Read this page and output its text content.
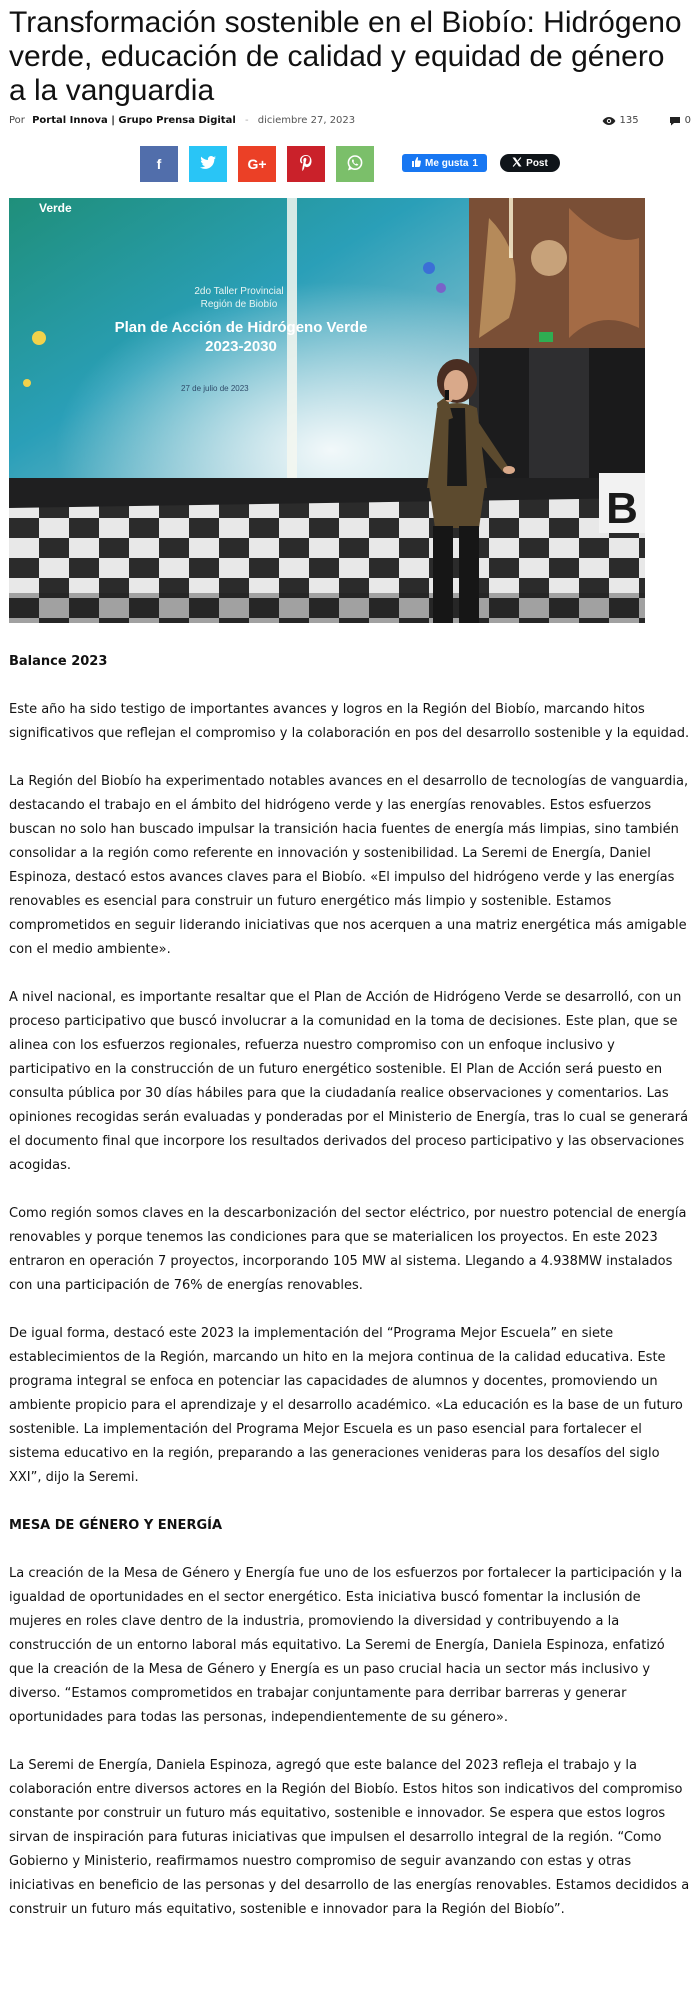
Transformación sostenible en el Biobío: Hidrógeno verde, educación de calidad y equidad de género a la vanguardia
Por Portal Innova | Grupo Prensa Digital - diciembre 27, 2023	135	0
f	G+	Me gusta 1	Post
Verde
2do Taller Provincial
Región de Biobío
Plan de Acción de Hidrógeno Verde
2023-2030
27 de julio de 2023
B
Balance 2023

Este año ha sido testigo de importantes avances y logros en la Región del Biobío, marcando hitos significativos que reflejan el compromiso y la colaboración en pos del desarrollo sostenible y la equidad.

La Región del Biobío ha experimentado notables avances en el desarrollo de tecnologías de vanguardia, destacando el trabajo en el ámbito del hidrógeno verde y las energías renovables. Estos esfuerzos buscan no solo han buscado impulsar la transición hacia fuentes de energía más limpias, sino también consolidar a la región como referente en innovación y sostenibilidad. La Seremi de Energía, Daniel Espinoza, destacó estos avances claves para el Biobío. «El impulso del hidrógeno verde y las energías renovables es esencial para construir un futuro energético más limpio y sostenible. Estamos comprometidos en seguir liderando iniciativas que nos acerquen a una matriz energética más amigable con el medio ambiente».

A nivel nacional, es importante resaltar que el Plan de Acción de Hidrógeno Verde se desarrolló, con un proceso participativo que buscó involucrar a la comunidad en la toma de decisiones. Este plan, que se alinea con los esfuerzos regionales, refuerza nuestro compromiso con un enfoque inclusivo y participativo en la construcción de un futuro energético sostenible. El Plan de Acción será puesto en consulta pública por 30 días hábiles para que la ciudadanía realice observaciones y comentarios. Las opiniones recogidas serán evaluadas y ponderadas por el Ministerio de Energía, tras lo cual se generará el documento final que incorpore los resultados derivados del proceso participativo y las observaciones acogidas.

Como región somos claves en la descarbonización del sector eléctrico, por nuestro potencial de energía renovables y porque tenemos las condiciones para que se materialicen los proyectos. En este 2023 entraron en operación 7 proyectos, incorporando 105 MW al sistema. Llegando a 4.938MW instalados con una participación de 76% de energías renovables.

De igual forma, destacó este 2023 la implementación del “Programa Mejor Escuela” en siete establecimientos de la Región, marcando un hito en la mejora continua de la calidad educativa. Este programa integral se enfoca en potenciar las capacidades de alumnos y docentes, promoviendo un ambiente propicio para el aprendizaje y el desarrollo académico. «La educación es la base de un futuro sostenible. La implementación del Programa Mejor Escuela es un paso esencial para fortalecer el sistema educativo en la región, preparando a las generaciones venideras para los desafíos del siglo XXI”, dijo la Seremi.

MESA DE GÉNERO Y ENERGÍA

La creación de la Mesa de Género y Energía fue uno de los esfuerzos por fortalecer la participación y la igualdad de oportunidades en el sector energético. Esta iniciativa buscó fomentar la inclusión de mujeres en roles clave dentro de la industria, promoviendo la diversidad y contribuyendo a la construcción de un entorno laboral más equitativo. La Seremi de Energía, Daniela Espinoza, enfatizó que la creación de la Mesa de Género y Energía es un paso crucial hacia un sector más inclusivo y diverso. “Estamos comprometidos en trabajar conjuntamente para derribar barreras y generar oportunidades para todas las personas, independientemente de su género».

La Seremi de Energía, Daniela Espinoza, agregó que este balance del 2023 refleja el trabajo y la colaboración entre diversos actores en la Región del Biobío. Estos hitos son indicativos del compromiso constante por construir un futuro más equitativo, sostenible e innovador. Se espera que estos logros sirvan de inspiración para futuras iniciativas que impulsen el desarrollo integral de la región. “Como Gobierno y Ministerio, reafirmamos nuestro compromiso de seguir avanzando con estas y otras iniciativas en beneficio de las personas y del desarrollo de las energías renovables. Estamos decididos a construir un futuro más equitativo, sostenible e innovador para la Región del Biobío”.
